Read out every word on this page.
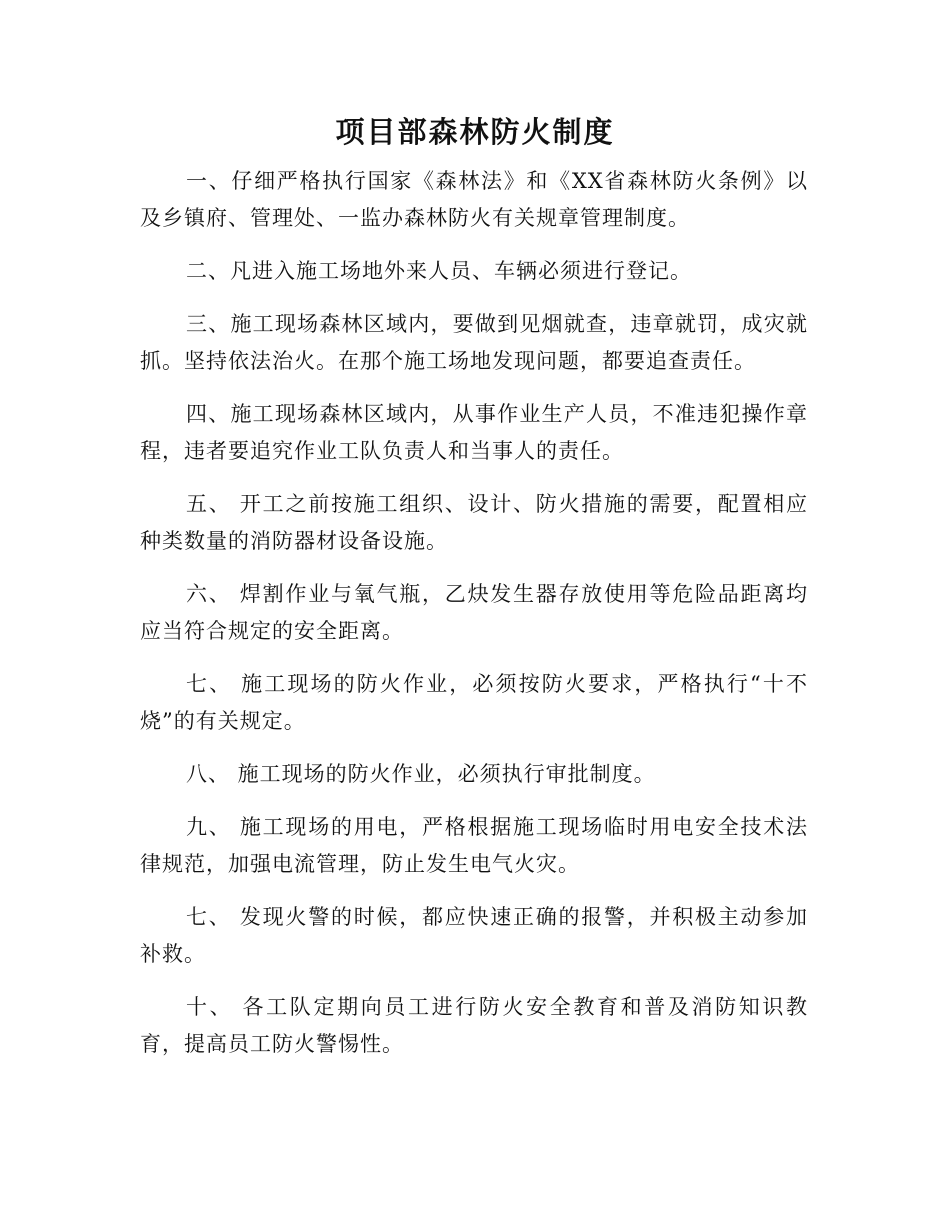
项目部森林防火制度

一、仔细严格执行国家《森林法》和《XX省森林防火条例》以及乡镇府、管理处、一监办森林防火有关规章管理制度。

二、凡进入施工场地外来人员、车辆必须进行登记。

三、施工现场森林区域内，要做到见烟就查，违章就罚，成灾就抓。坚持依法治火。在那个施工场地发现问题，都要追查责任。

四、施工现场森林区域内，从事作业生产人员，不准违犯操作章程，违者要追究作业工队负责人和当事人的责任。

五、 开工之前按施工组织、设计、防火措施的需要，配置相应种类数量的消防器材设备设施。

六、 焊割作业与氧气瓶，乙炔发生器存放使用等危险品距离均应当符合规定的安全距离。

七、 施工现场的防火作业，必须按防火要求，严格执行“十不烧”的有关规定。

八、 施工现场的防火作业，必须执行审批制度。

九、 施工现场的用电，严格根据施工现场临时用电安全技术法律规范，加强电流管理，防止发生电气火灾。

七、 发现火警的时候，都应快速正确的报警，并积极主动参加补救。

十、 各工队定期向员工进行防火安全教育和普及消防知识教育，提高员工防火警惕性。
